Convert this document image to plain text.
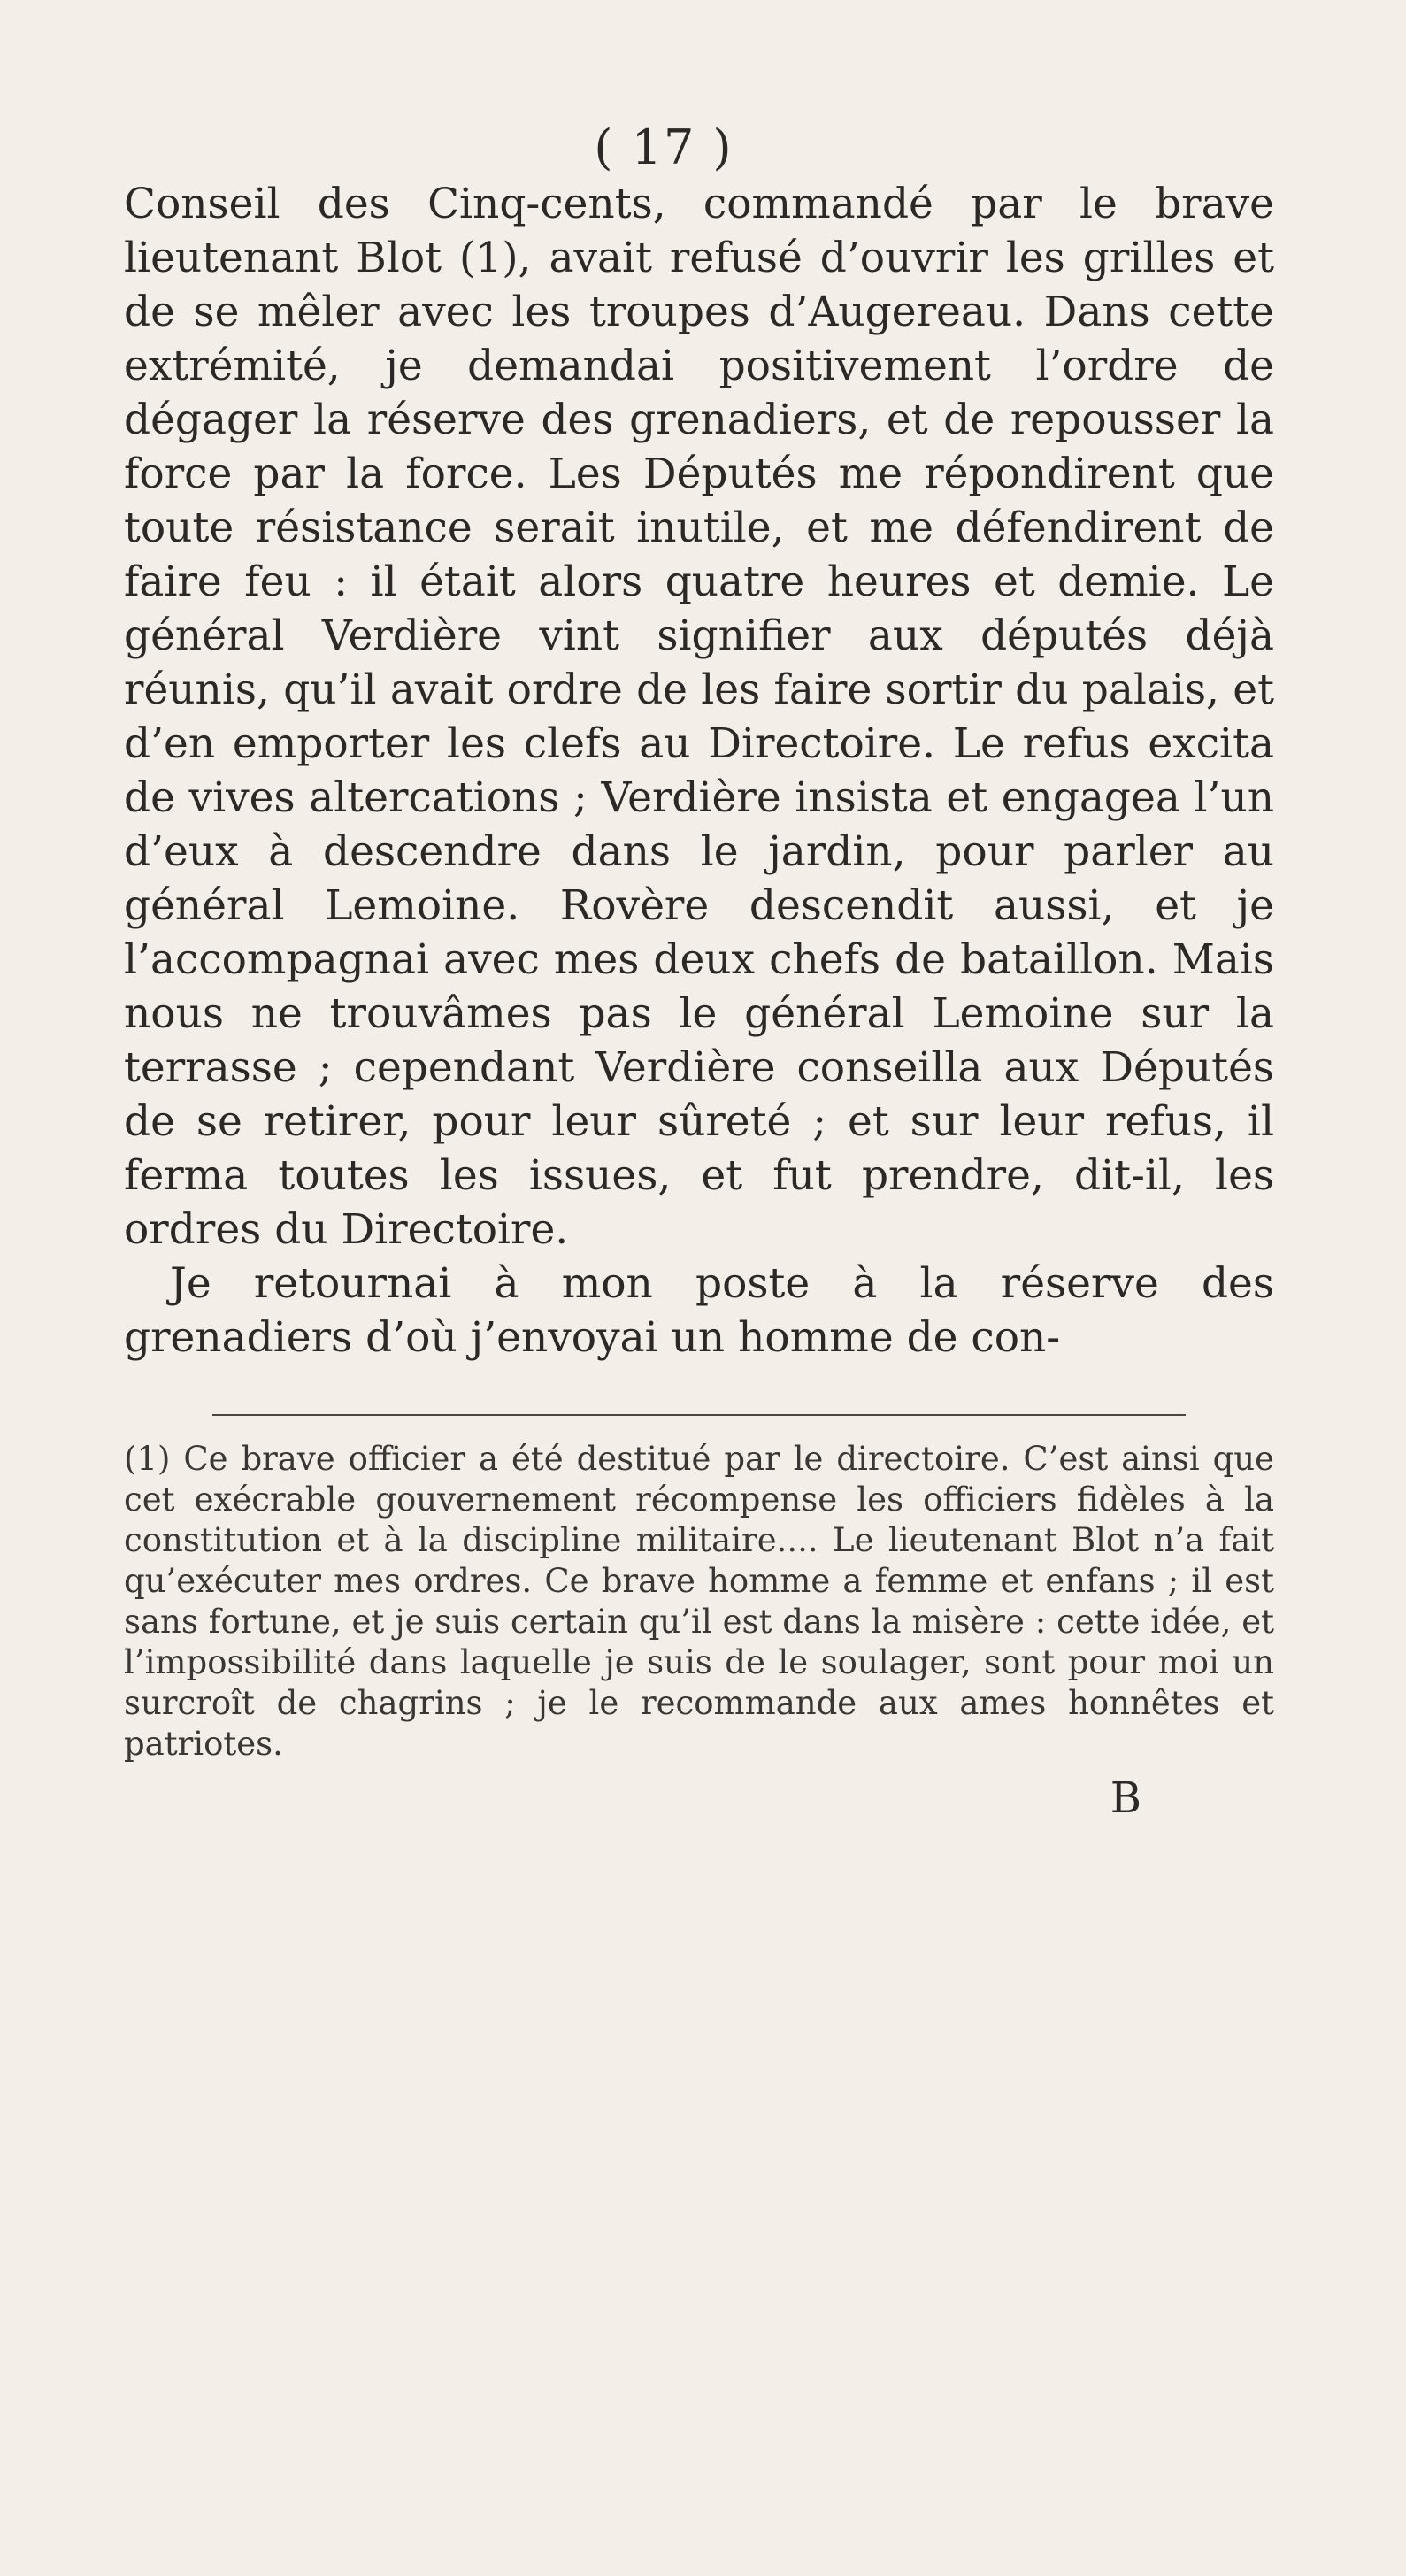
( 17 )

Conseil des Cinq-cents, commandé par le brave lieutenant Blot (1), avait refusé d’ouvrir les grilles et de se mêler avec les troupes d’Augereau. Dans cette extrémité, je demandai positivement l’ordre de dégager la réserve des grenadiers, et de repousser la force par la force. Les Députés me répondirent que toute résistance serait inutile, et me défendirent de faire feu : il était alors quatre heures et demie. Le général Verdière vint signifier aux députés déjà réunis, qu’il avait ordre de les faire sortir du palais, et d’en emporter les clefs au Directoire. Le refus excita de vives altercations ; Verdière insista et engagea l’un d’eux à descendre dans le jardin, pour parler au général Lemoine. Rovère descendit aussi, et je l’accompagnai avec mes deux chefs de bataillon. Mais nous ne trouvâmes pas le général Lemoine sur la terrasse ; cependant Verdière conseilla aux Députés de se retirer, pour leur sûreté ; et sur leur refus, il ferma toutes les issues, et fut prendre, dit-il, les ordres du Directoire.

Je retournai à mon poste à la réserve des grenadiers d’où j’envoyai un homme de con-

(1) Ce brave officier a été destitué par le directoire. C’est ainsi que cet exécrable gouvernement récompense les officiers fidèles à la constitution et à la discipline militaire.... Le lieutenant Blot n’a fait qu’exécuter mes ordres. Ce brave homme a femme et enfans ; il est sans fortune, et je suis certain qu’il est dans la misère : cette idée, et l’impossibilité dans laquelle je suis de le soulager, sont pour moi un surcroît de chagrins ; je le recommande aux ames honnêtes et patriotes.

B
